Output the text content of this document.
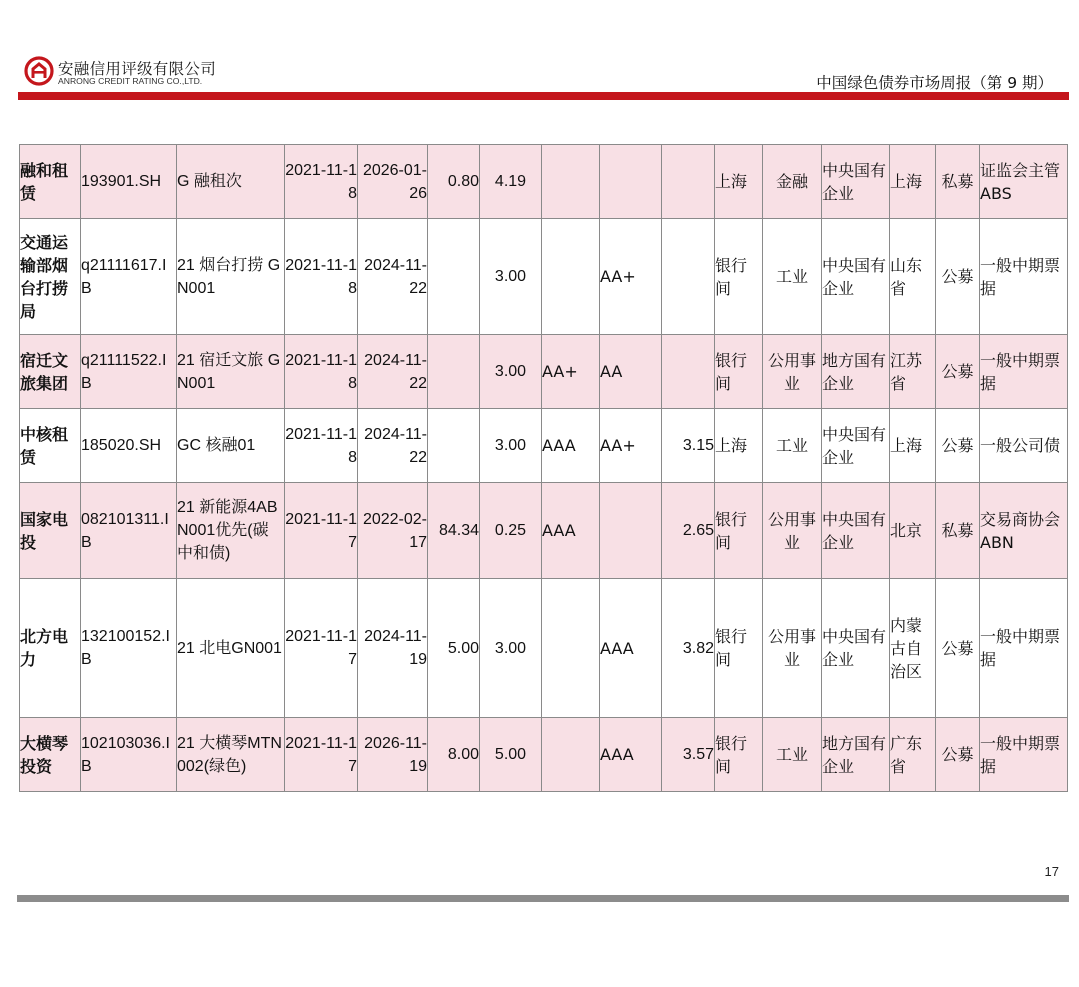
安融信用评级有限公司
ANRONG CREDIT RATING CO.,LTD.	中国绿色债券市场周报（第 9 期）
融和租赁	193901.SH	G 融租次	2021-11-18	2026-01-26	0.80	4.19				上海	金融	中央国有企业	上海	私募	证监会主管ABS
交通运输部烟台打捞局	q21111617.IB	21 烟台打捞 GN001	2021-11-18	2024-11-22		3.00		AA+		银行间	工业	中央国有企业	山东省	公募	一般中期票据
宿迁文旅集团	q21111522.IB	21 宿迁文旅 GN001	2021-11-18	2024-11-22		3.00	AA+	AA		银行间	公用事业	地方国有企业	江苏省	公募	一般中期票据
中核租赁	185020.SH	GC 核融01	2021-11-18	2024-11-22		3.00	AAA	AA+	3.15	上海	工业	中央国有企业	上海	公募	一般公司债
国家电投	082101311.IB	21 新能源4ABN001优先(碳中和债)	2021-11-17	2022-02-17	84.34	0.25	AAA		2.65	银行间	公用事业	中央国有企业	北京	私募	交易商协会ABN
北方电力	132100152.IB	21 北电GN001	2021-11-17	2024-11-19	5.00	3.00		AAA	3.82	银行间	公用事业	中央国有企业	内蒙古自治区	公募	一般中期票据
大横琴投资	102103036.IB	21 大横琴MTN002(绿色)	2021-11-17	2026-11-19	8.00	5.00		AAA	3.57	银行间	工业	地方国有企业	广东省	公募	一般中期票据
17
